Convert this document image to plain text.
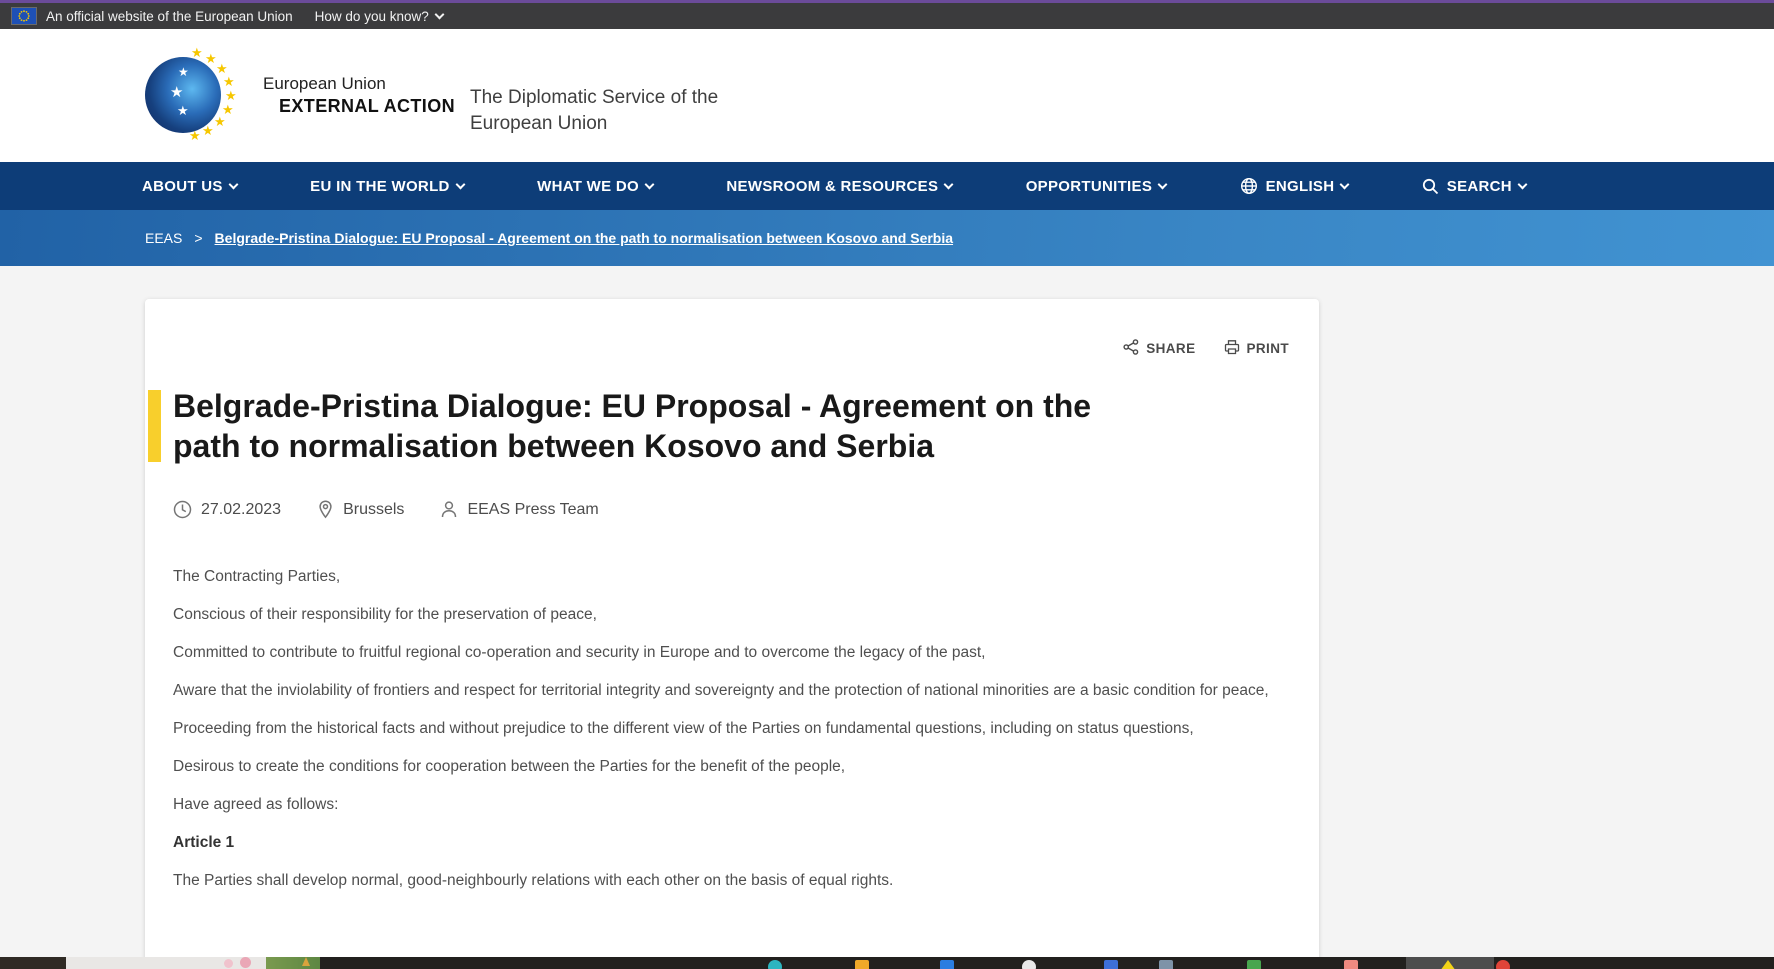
An official website of the European Union How do you know?
★
★
★
★ ★
★
★
★
★
★
★
★
European Union
EXTERNAL ACTION The Diplomatic Service of the European Union
ABOUT US	EU IN THE WORLD	WHAT WE DO	NEWSROOM & RESOURCES	OPPORTUNITIES	ENGLISH	SEARCH
EEAS > Belgrade-Pristina Dialogue: EU Proposal - Agreement on the path to normalisation between Kosovo and Serbia
SHARE	PRINT
Belgrade-Pristina Dialogue: EU Proposal - Agreement on the path to normalisation between Kosovo and Serbia
27.02.2023	Brussels	EEAS Press Team

The Contracting Parties,

Conscious of their responsibility for the preservation of peace,

Committed to contribute to fruitful regional co-operation and security in Europe and to overcome the legacy of the past,

Aware that the inviolability of frontiers and respect for territorial integrity and sovereignty and the protection of national minorities are a basic condition for peace,

Proceeding from the historical facts and without prejudice to the different view of the Parties on fundamental questions, including on status questions,

Desirous to create the conditions for cooperation between the Parties for the benefit of the people,

Have agreed as follows:

Article 1

The Parties shall develop normal, good-neighbourly relations with each other on the basis of equal rights.
